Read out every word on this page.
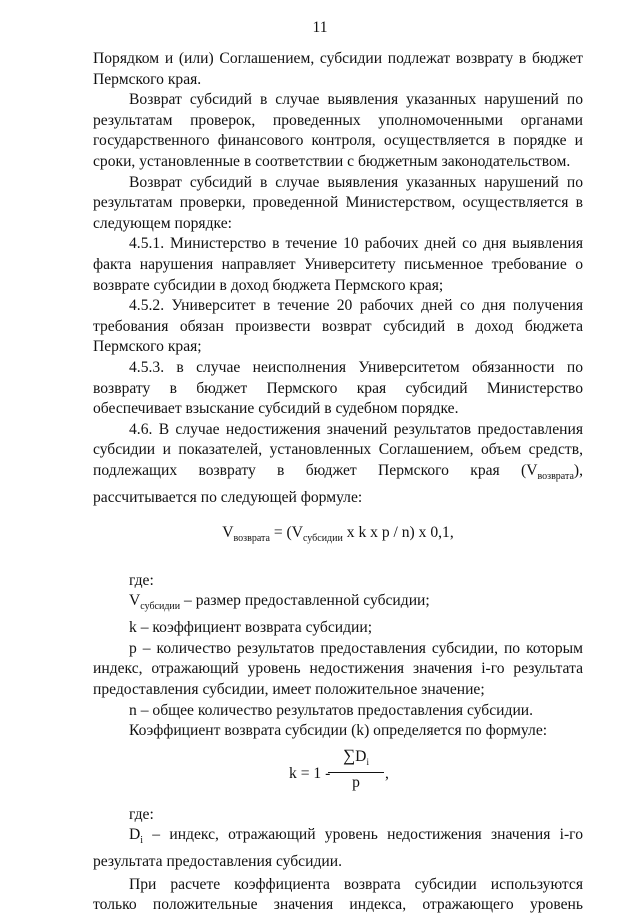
11

Порядком и (или) Соглашением, субсидии подлежат возврату в бюджет Пермского края.

Возврат субсидий в случае выявления указанных нарушений по результатам проверок, проведенных уполномоченными органами государственного финансового контроля, осуществляется в порядке и сроки, установленные в соответствии с бюджетным законодательством.

Возврат субсидий в случае выявления указанных нарушений по результатам проверки, проведенной Министерством, осуществляется в следующем порядке:

4.5.1. Министерство в течение 10 рабочих дней со дня выявления факта нарушения направляет Университету письменное требование о возврате субсидии в доход бюджета Пермского края;

4.5.2. Университет в течение 20 рабочих дней со дня получения требования обязан произвести возврат субсидий в доход бюджета Пермского края;

4.5.3. в случае неисполнения Университетом обязанности по возврату в бюджет Пермского края субсидий Министерство обеспечивает взыскание субсидий в судебном порядке.

4.6. В случае недостижения значений результатов предоставления субсидии и показателей, установленных Соглашением, объем средств, подлежащих возврату в бюджет Пермского края $(V_{возврата})$, рассчитывается по следующей формуле:

$V_{возврата} = (V_{субсидии}$ x k x p / n) x 0,1,

где:

$V_{субсидии}$ – размер предоставленной субсидии;

k – коэффициент возврата субсидии;

p – количество результатов предоставления субсидии, по которым индекс, отражающий уровень недостижения значения i-го результата предоставления субсидии, имеет положительное значение;

n – общее количество результатов предоставления субсидии.

Коэффициент возврата субсидии (k) определяется по формуле:

k = 1 -
$\frac{\sum D_i}{p}$ ,

где:

$D_i$ – индекс, отражающий уровень недостижения значения i-го результата предоставления субсидии.

При расчете коэффициента возврата субсидии используются

только положительные значения индекса, отражающего уровень
